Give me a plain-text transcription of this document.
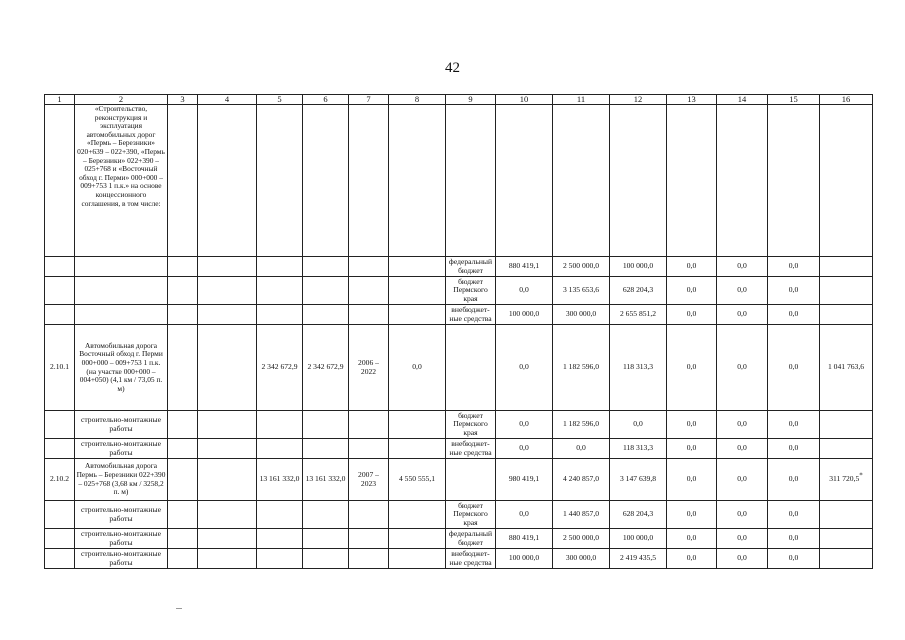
42
1	2	3	4	5	6	7	8	9	10	11	12	13	14	15	16
	«Строительство, реконструкция и эксплуатация автомобильных дорог «Пермь – Березники» 020+639 – 022+390, «Пермь – Березники» 022+390 – 025+768 и «Восточный обход г. Перми» 000+000 – 009+753 1 п.к.» на основе концессионного соглашения, в том числе:														
								федеральный бюджет	880 419,1	2 500 000,0	100 000,0	0,0	0,0	0,0	
								бюджет Пермского края	0,0	3 135 653,6	628 204,3	0,0	0,0	0,0	
								внебюджет-ные средства	100 000,0	300 000,0	2 655 851,2	0,0	0,0	0,0	
2.10.1	Автомобильная дорога Восточный обход г. Перми 000+000 – 009+753 1 п.к. (на участке 000+000 – 004+050) (4,1 км / 73,05 п. м)			2 342 672,9	2 342 672,9	2006 – 2022	0,0		0,0	1 182 596,0	118 313,3	0,0	0,0	0,0	1 041 763,6
	строительно-монтажные работы							бюджет Пермского края	0,0	1 182 596,0	0,0	0,0	0,0	0,0	
	строительно-монтажные работы							внебюджет-ные средства	0,0	0,0	118 313,3	0,0	0,0	0,0	
2.10.2	Автомобильная дорога Пермь – Березники 022+390 – 025+768 (3,68 км / 3258,2 п. м)			13 161 332,0	13 161 332,0	2007 – 2023	4 550 555,1		980 419,1	4 240 857,0	3 147 639,8	0,0	0,0	0,0	311 720,5*
	строительно-монтажные работы							бюджет Пермского края	0,0	1 440 857,0	628 204,3	0,0	0,0	0,0	
	строительно-монтажные работы							федеральный бюджет	880 419,1	2 500 000,0	100 000,0	0,0	0,0	0,0	
	строительно-монтажные работы							внебюджет-ные средства	100 000,0	300 000,0	2 419 435,5	0,0	0,0	0,0	
